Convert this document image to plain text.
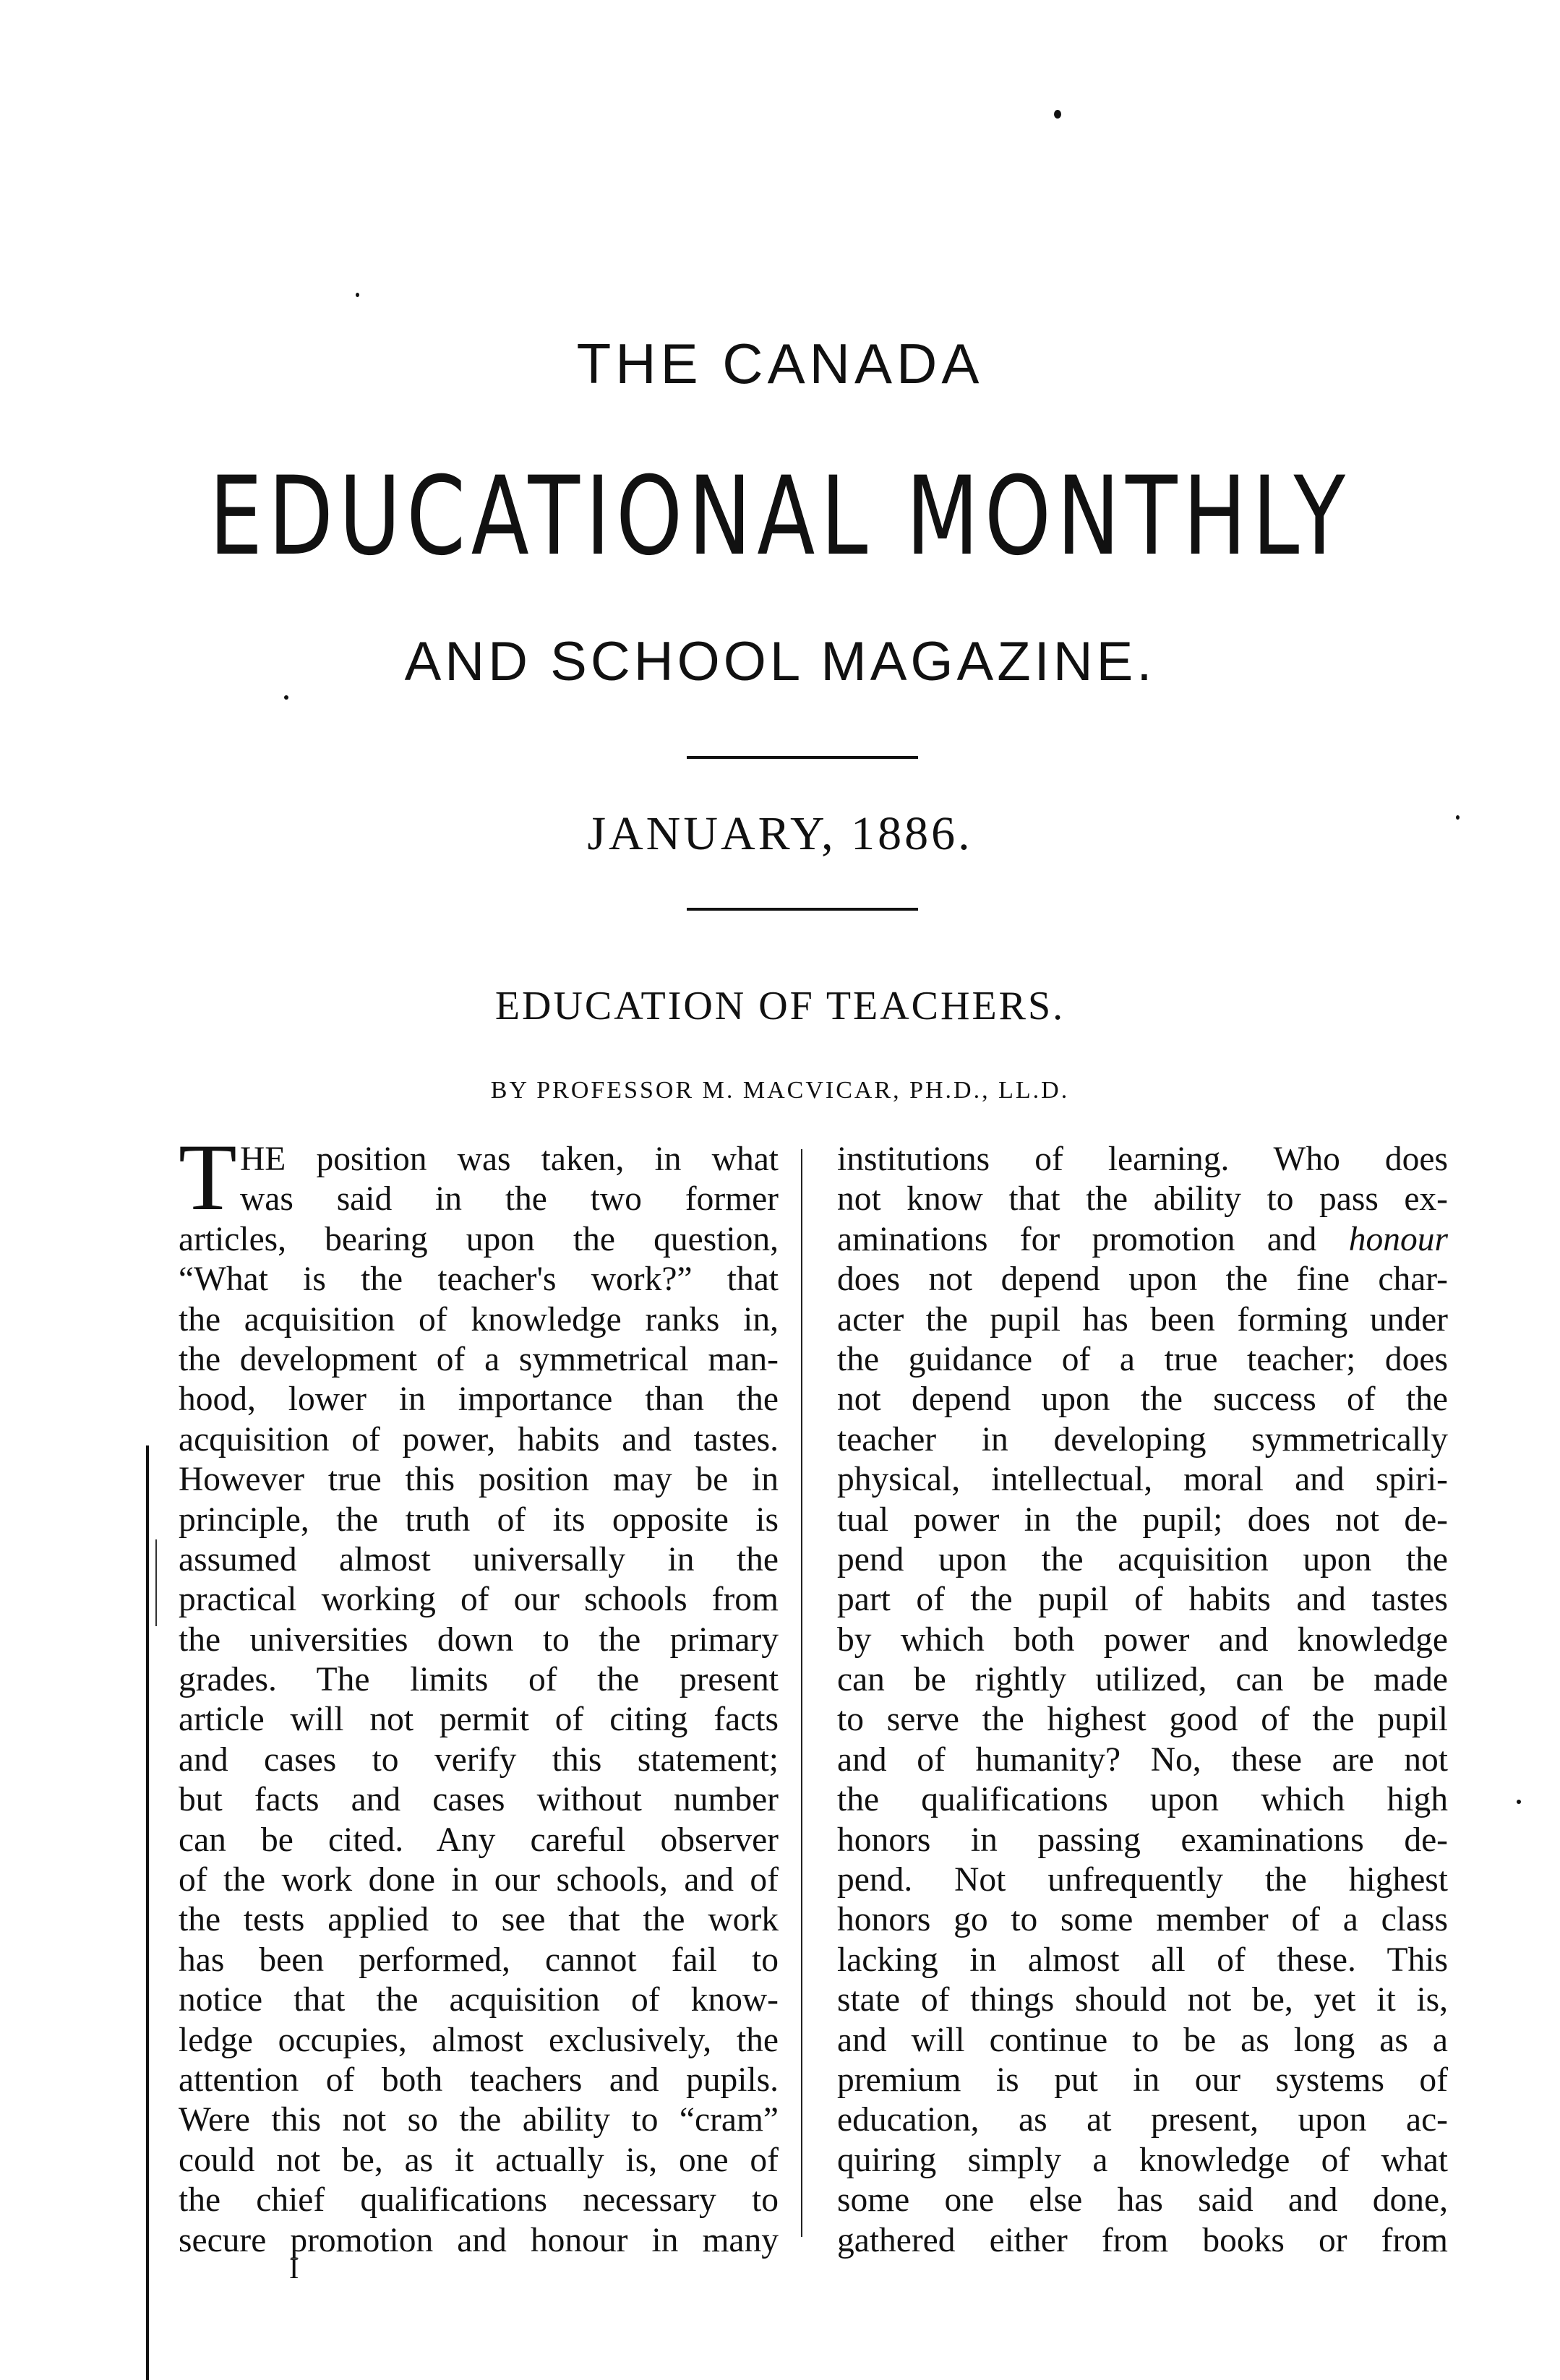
THE CANADA
EDUCATIONAL MONTHLY
AND SCHOOL MAGAZINE.
JANUARY, 1886.
EDUCATION OF TEACHERS.
BY PROFESSOR M. MACVICAR, PH.D., LL.D.
T HE position was taken, in what
was said in the two former
articles, bearing upon the question,
“What is the teacher's work?” that
the acquisition of knowledge ranks in,
the development of a symmetrical man-
hood, lower in importance than the
acquisition of power, habits and tastes.
However true this position may be in
principle, the truth of its opposite is
assumed almost universally in the
practical working of our schools from
the universities down to the primary
grades. The limits of the present
article will not permit of citing facts
and cases to verify this statement;
but facts and cases without number
can be cited. Any careful observer
of the work done in our schools, and of
the tests applied to see that the work
has been performed, cannot fail to
notice that the acquisition of know-
ledge occupies, almost exclusively, the
attention of both teachers and pupils.
Were this not so the ability to “cram”
could not be, as it actually is, one of
the chief qualifications necessary to
secure promotion and honour in many
institutions of learning. Who does
not know that the ability to pass ex-
aminations for promotion and honour
does not depend upon the fine char-
acter the pupil has been forming under
the guidance of a true teacher; does
not depend upon the success of the
teacher in developing symmetrically
physical, intellectual, moral and spiri-
tual power in the pupil; does not de-
pend upon the acquisition upon the
part of the pupil of habits and tastes
by which both power and knowledge
can be rightly utilized, can be made
to serve the highest good of the pupil
and of humanity? No, these are not
the qualifications upon which high
honors in passing examinations de-
pend. Not unfrequently the highest
honors go to some member of a class
lacking in almost all of these. This
state of things should not be, yet it is,
and will continue to be as long as a
premium is put in our systems of
education, as at present, upon ac-
quiring simply a knowledge of what
some one else has said and done,
gathered either from books or from
I
